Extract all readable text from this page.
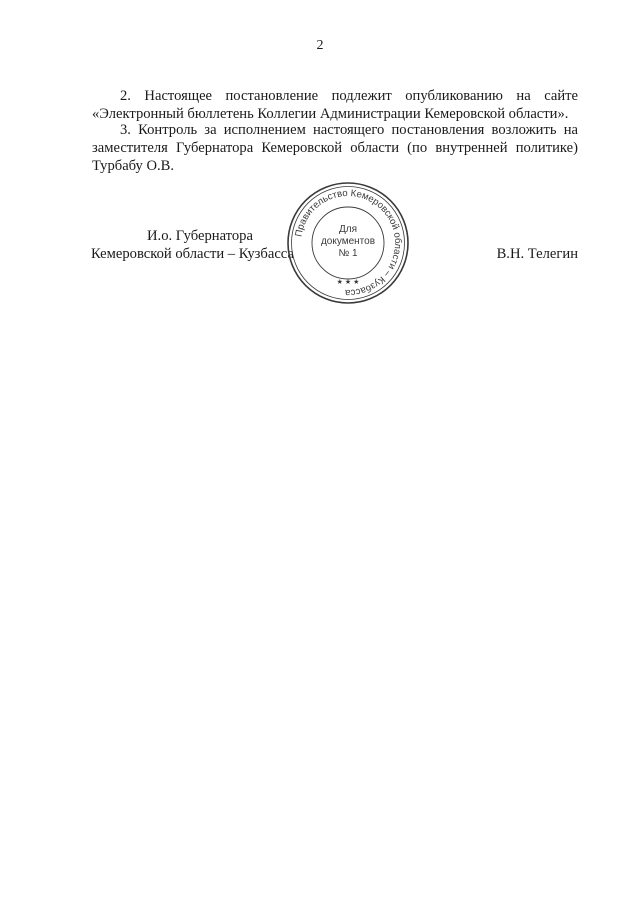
2

2. Настоящее постановление подлежит опубликованию на сайте «Электронный бюллетень Коллегии Администрации Кемеровской области».

3. Контроль за исполнением настоящего постановления возложить на заместителя Губернатора Кемеровской области (по внутренней политике) Турбабу О.В.

И.о. Губернатора
Кемеровской области – Кузбасса	В.Н. Телегин
Правительство Кемеровской области – Кузбасса
★ ★ ★
Для
документов
№ 1
